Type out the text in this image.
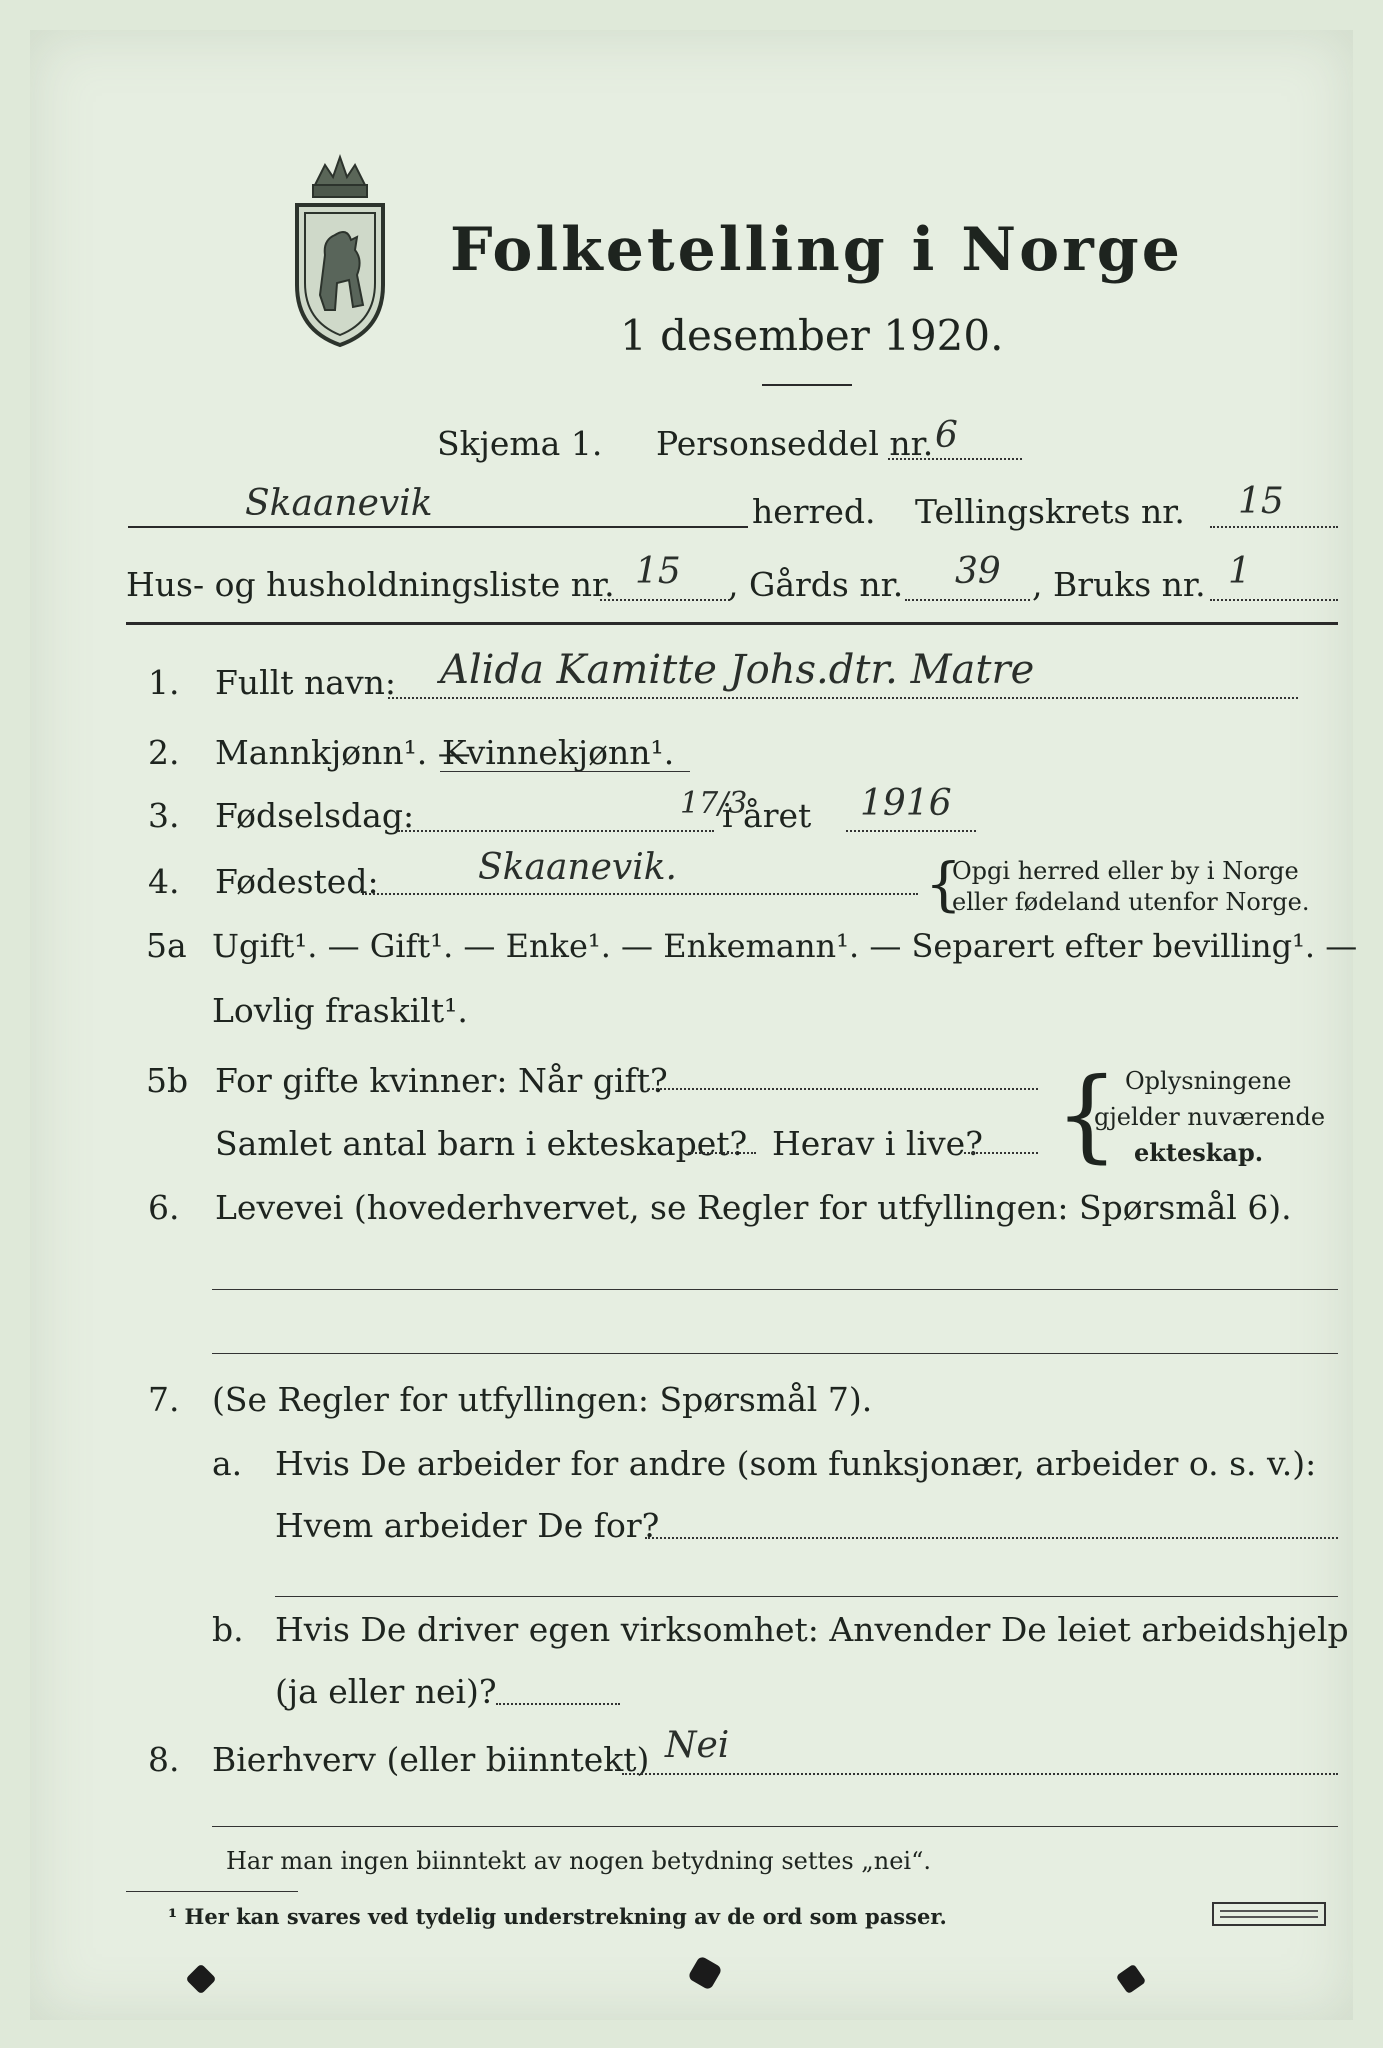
Folketelling i Norge
1 desember 1920.
Skjema 1. Personseddel nr. 6
Skaanevik	herred. Tellingskrets nr. 15
Hus- og husholdningsliste nr. 15 , Gårds nr. 39 , Bruks nr. 1
1. Fullt navn: Alida Kamitte Johs.dtr. Matre
2. Mannkjønn¹. —
Kvinnekjønn¹.
3. Fødselsdag:	17/3
i året 1916
4. Fødested:	Skaanevik.	{
Opgi herred eller by i Norge
eller fødeland utenfor Norge.
5a Ugift¹. — Gift¹. — Enke¹. — Enkemann¹. — Separert efter bevilling¹. —
Lovlig fraskilt¹.
5b For gifte kvinner: Når gift?
Samlet antal barn i ekteskapet? Herav i live? { Oplysningene
gjelder nuværende
ekteskap.
6. Levevei (hovederhvervet, se Regler for utfyllingen: Spørsmål 6).
7. (Se Regler for utfyllingen: Spørsmål 7).
a. Hvis De arbeider for andre (som funksjonær, arbeider o. s. v.):
Hvem arbeider De for?
b. Hvis De driver egen virksomhet: Anvender De leiet arbeidshjelp
(ja eller nei)?
8. Bierhverv (eller biinntekt) Nei
Har man ingen biinntekt av nogen betydning settes „nei“.
¹ Her kan svares ved tydelig understrekning av de ord som passer.
